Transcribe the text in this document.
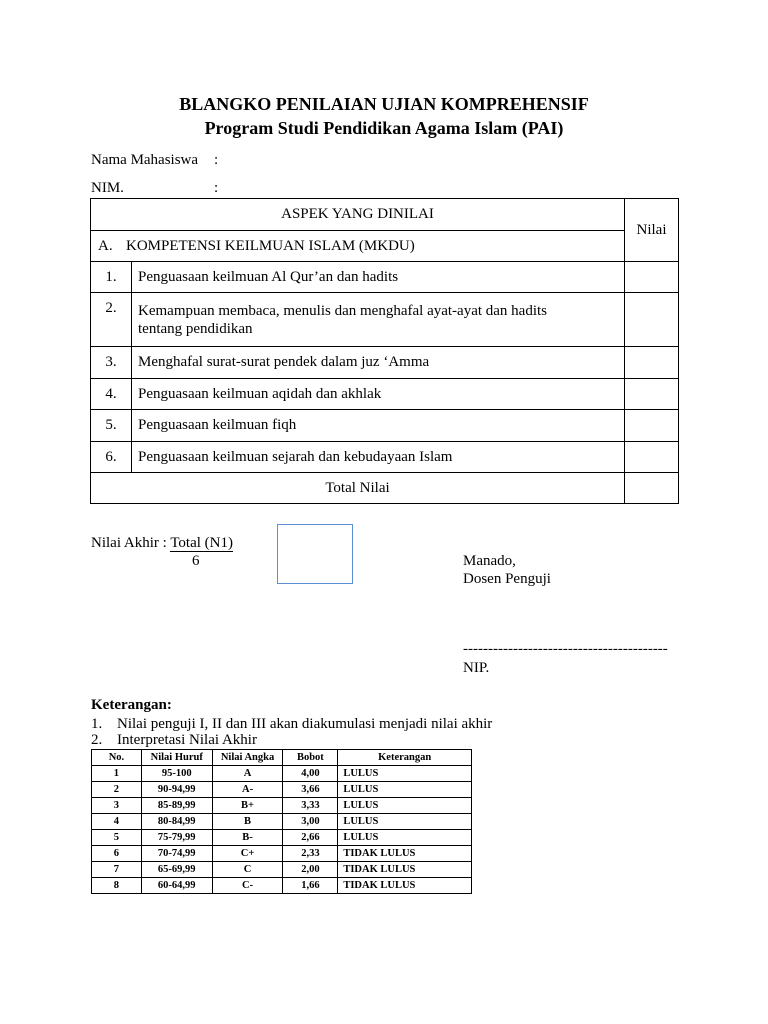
BLANGKO PENILAIAN UJIAN KOMPREHENSIF
Program Studi Pendidikan Agama Islam (PAI)
Nama Mahasiswa :
NIM.	:
ASPEK YANG DINILAI		Nilai
A. KOMPETENSI KEILMUAN ISLAM (MKDU)		
1.	Penguasaan keilmuan Al Qur’an dan hadits	
2.	Kemampuan membaca, menulis dan menghafal ayat-ayat dan hadits tentang pendidikan	
3.	Menghafal surat-surat pendek dalam juz ‘Amma	
4.	Penguasaan keilmuan aqidah dan akhlak	
5.	Penguasaan keilmuan fiqh	
6.	Penguasaan keilmuan sejarah dan kebudayaan Islam	
Total Nilai		
Nilai Akhir : Total (N1)
6	Manado,
Dosen Penguji
-----------------------------------------
NIP.
Keterangan:
1. Nilai penguji I, II dan III akan diakumulasi menjadi nilai akhir
2. Interpretasi Nilai Akhir
No.	Nilai Huruf	Nilai Angka	Bobot	Keterangan
1	95-100	A	4,00	LULUS
2	90-94,99	A-	3,66	LULUS
3	85-89,99	B+	3,33	LULUS
4	80-84,99	B	3,00	LULUS
5	75-79,99	B-	2,66	LULUS
6	70-74,99	C+	2,33	TIDAK LULUS
7	65-69,99	C	2,00	TIDAK LULUS
8	60-64,99	C-	1,66	TIDAK LULUS
